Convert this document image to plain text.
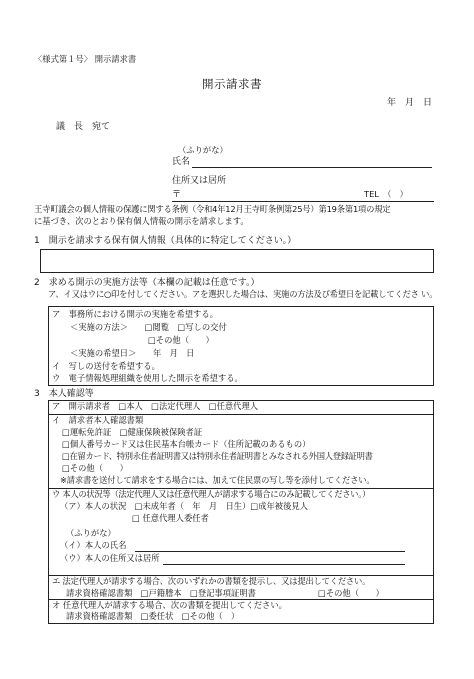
〈様式第１号〉 開示請求書
開示請求書
年　月　日
議　長　宛て
（ふりがな）
氏名
住所又は居所
〒	TEL　（　）
王寺町議会の個人情報の保護に関する条例（令和4年12月王寺町条例第25号）第19条第1項の規定
に基づき、次のとおり保有個人情報の開示を請求します。
1　開示を請求する保有個人情報（具体的に特定してください。）
2　求める開示の実施方法等（本欄の記載は任意です。）
ア、イ又はウに○印を付してください。アを選択した場合は、実施の方法及び希望日を記載してくださ い。
ア　事務所における開示の実施を希望する。
＜実施の方法＞　　□閲覧　□写しの交付
□その他（　　）
＜実施の希望日＞　　年　月　日
イ　写しの送付を希望する。
ウ　電子情報処理組織を使用した開示を希望する。
3　本人確認等
ア　開示請求者　□本人　□法定代理人　□任意代理人
イ　請求者本人確認書類
□運転免許証　□健康保険被保険者証
□個人番号カード又は住民基本台帳カード（住所記載のあるもの）
□在留カード、特別永住者証明書又は特別永住者証明書とみなされる外国人登録証明書
□その他（　　）
※請求書を送付して請求をする場合には、加えて住民票の写し等を添付してください。
ウ 本人の状況等（法定代理人又は任意代理人が請求する場合にのみ記載してください。）
（ア）本人の状況　□未成年者（　年　月　日生）□成年被後見人
□ 任意代理人委任者
（ふりがな）
（イ）本人の氏名
（ウ）本人の住所又は居所
エ 法定代理人が請求する場合、次のいずれかの書類を提示し、又は提出してください。
請求資格確認書類　□戸籍謄本　□登記事項証明書	□その他（　　）
オ 任意代理人が請求する場合、次の書類を提出してください。
請求資格確認書類　□委任状　□その他（　）
